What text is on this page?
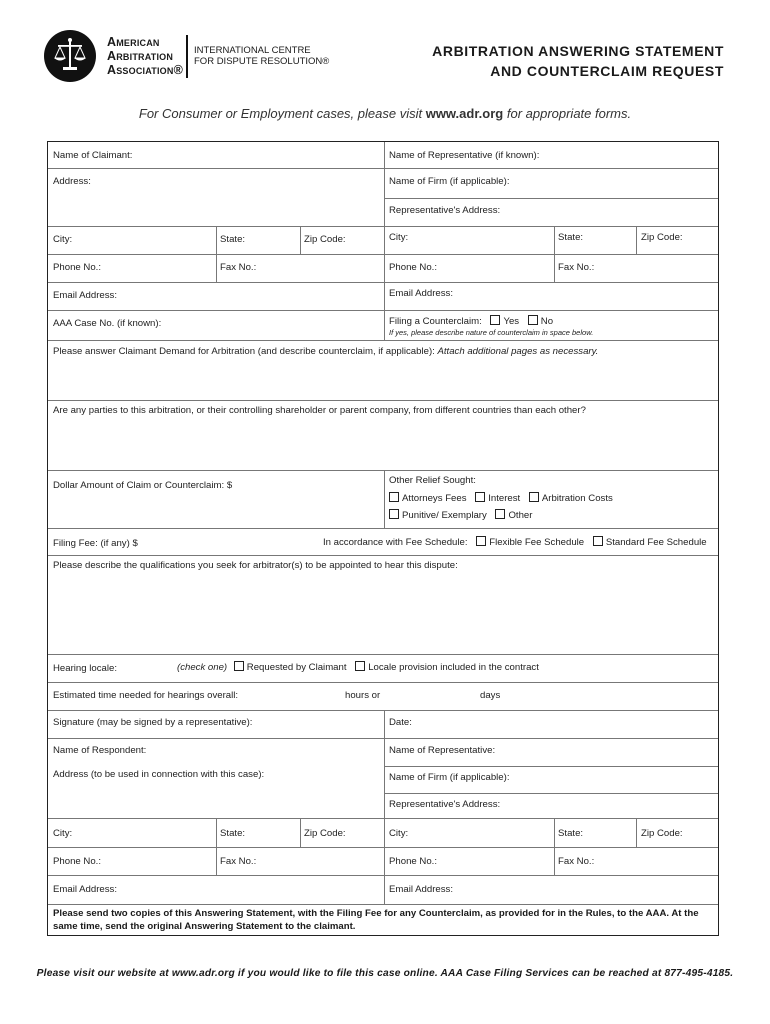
American
Arbitration
Association®
INTERNATIONAL CENTRE
FOR DISPUTE RESOLUTION®
ARBITRATION ANSWERING STATEMENT
AND COUNTERCLAIM REQUEST
For Consumer or Employment cases, please visit www.adr.org for appropriate forms.
Name of Claimant:
Address:
Name of Representative (if known):
Name of Firm (if applicable):
Representative's Address:
City:	State:	Zip Code:	City:	State:	Zip Code:
Phone No.:	Fax No.:	Phone No.:	Fax No.:
Email Address:	Email Address:
AAA Case No. (if known):	Filing a Counterclaim: Yes No
If yes, please describe nature of counterclaim in space below.
Please answer Claimant Demand for Arbitration (and describe counterclaim, if applicable): Attach additional pages as necessary.
Are any parties to this arbitration, or their controlling shareholder or parent company, from different countries than each other?
Dollar Amount of Claim or Counterclaim: $	Other Relief Sought:
Attorneys Fees Interest Arbitration Costs
Punitive/ Exemplary Other
Filing Fee: (if any) $	In accordance with Fee Schedule: Flexible Fee Schedule Standard Fee Schedule
Please describe the qualifications you seek for arbitrator(s) to be appointed to hear this dispute:
Hearing locale:	(check one) Requested by Claimant Locale provision included in the contract
Estimated time needed for hearings overall:	hours or	days
Signature (may be signed by a representative):	Date:
Name of Respondent:
Address (to be used in connection with this case):
Name of Representative:
Name of Firm (if applicable):
Representative's Address:
City:	State:	Zip Code:	City:	State:	Zip Code:
Phone No.:	Fax No.:	Phone No.:	Fax No.:
Email Address:	Email Address:
Please send two copies of this Answering Statement, with the Filing Fee for any Counterclaim, as provided for in the Rules, to the AAA. At the same time, send the original Answering Statement to the claimant.
Please visit our website at www.adr.org if you would like to file this case online. AAA Case Filing Services can be reached at 877-495-4185.
